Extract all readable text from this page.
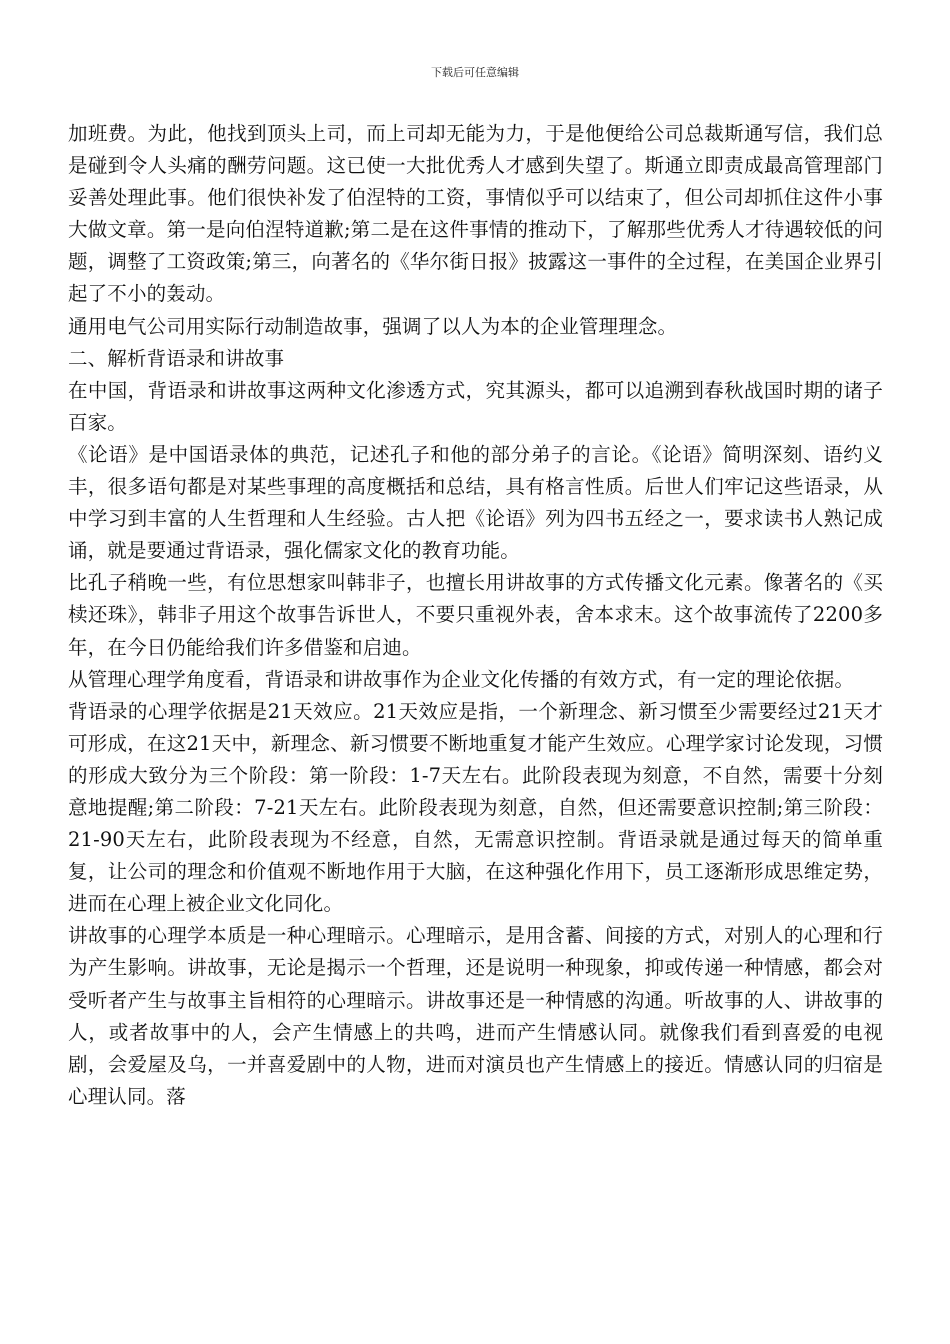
下载后可任意编辑

加班费。为此，他找到顶头上司，而上司却无能为力，于是他便给公司总裁斯通写信，我们总是碰到令人头痛的酬劳问题。这已使一大批优秀人才感到失望了。斯通立即责成最高管理部门妥善处理此事。他们很快补发了伯涅特的工资，事情似乎可以结束了，但公司却抓住这件小事大做文章。第一是向伯涅特道歉;第二是在这件事情的推动下，了解那些优秀人才待遇较低的问题，调整了工资政策;第三，向著名的《华尔街日报》披露这一事件的全过程，在美国企业界引起了不小的轰动。

通用电气公司用实际行动制造故事，强调了以人为本的企业管理理念。

二、解析背语录和讲故事

在中国，背语录和讲故事这两种文化渗透方式，究其源头，都可以追溯到春秋战国时期的诸子百家。

《论语》是中国语录体的典范，记述孔子和他的部分弟子的言论。《论语》简明深刻、语约义丰，很多语句都是对某些事理的高度概括和总结，具有格言性质。后世人们牢记这些语录，从中学习到丰富的人生哲理和人生经验。古人把《论语》列为四书五经之一，要求读书人熟记成诵，就是要通过背语录，强化儒家文化的教育功能。

比孔子稍晚一些，有位思想家叫韩非子，也擅长用讲故事的方式传播文化元素。像著名的《买椟还珠》，韩非子用这个故事告诉世人，不要只重视外表，舍本求末。这个故事流传了2200多年，在今日仍能给我们许多借鉴和启迪。

从管理心理学角度看，背语录和讲故事作为企业文化传播的有效方式，有一定的理论依据。

背语录的心理学依据是21天效应。21天效应是指，一个新理念、新习惯至少需要经过21天才可形成，在这21天中，新理念、新习惯要不断地重复才能产生效应。心理学家讨论发现，习惯的形成大致分为三个阶段：第一阶段：1-7天左右。此阶段表现为刻意，不自然，需要十分刻意地提醒;第二阶段：7-21天左右。此阶段表现为刻意，自然，但还需要意识控制;第三阶段：21-90天左右，此阶段表现为不经意，自然，无需意识控制。背语录就是通过每天的简单重复，让公司的理念和价值观不断地作用于大脑，在这种强化作用下，员工逐渐形成思维定势，进而在心理上被企业文化同化。

讲故事的心理学本质是一种心理暗示。心理暗示，是用含蓄、间接的方式，对别人的心理和行为产生影响。讲故事，无论是揭示一个哲理，还是说明一种现象，抑或传递一种情感，都会对受听者产生与故事主旨相符的心理暗示。讲故事还是一种情感的沟通。听故事的人、讲故事的人，或者故事中的人，会产生情感上的共鸣，进而产生情感认同。就像我们看到喜爱的电视剧，会爱屋及乌，一并喜爱剧中的人物，进而对演员也产生情感上的接近。情感认同的归宿是心理认同。落
